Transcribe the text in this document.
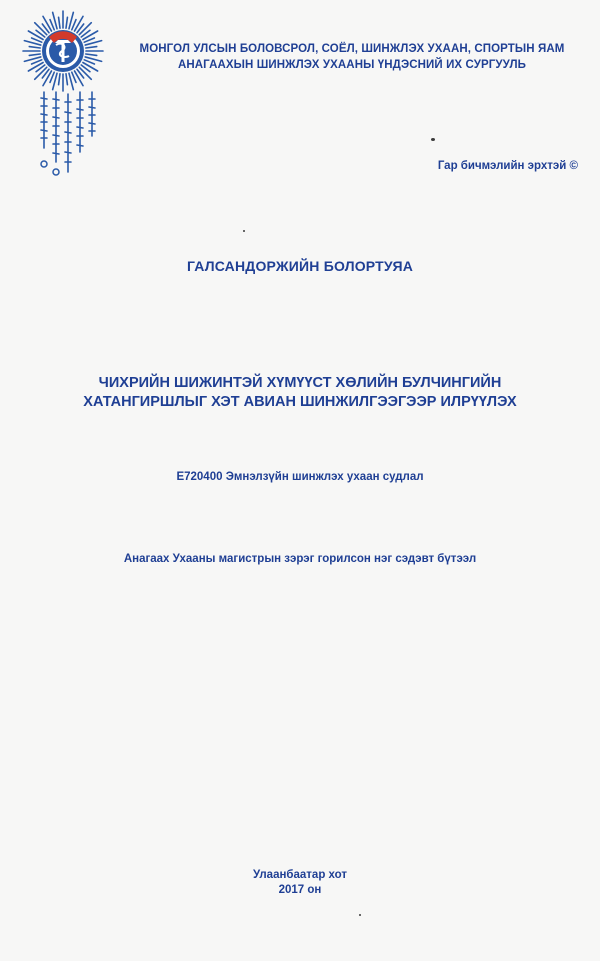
МОНГОЛ УЛСЫН БОЛОВСРОЛ, СОЁЛ, ШИНЖЛЭХ УХААН, СПОРТЫН ЯАМ
АНАГААХЫН ШИНЖЛЭХ УХААНЫ ҮНДЭСНИЙ ИХ СУРГУУЛЬ
Гар бичмэлийн эрхтэй ©
ГАЛСАНДОРЖИЙН БОЛОРТУЯА
ЧИХРИЙН ШИЖИНТЭЙ ХҮМҮҮСТ ХӨЛИЙН БУЛЧИНГИЙН
ХАТАНГИРШЛЫГ ХЭТ АВИАН ШИНЖИЛГЭЭГЭЭР ИЛРҮҮЛЭХ
Е720400 Эмнэлзүйн шинжлэх ухаан судлал
Анагаах Ухааны магистрын зэрэг горилсон нэг сэдэвт бүтээл
Улаанбаатар хот
2017 он
